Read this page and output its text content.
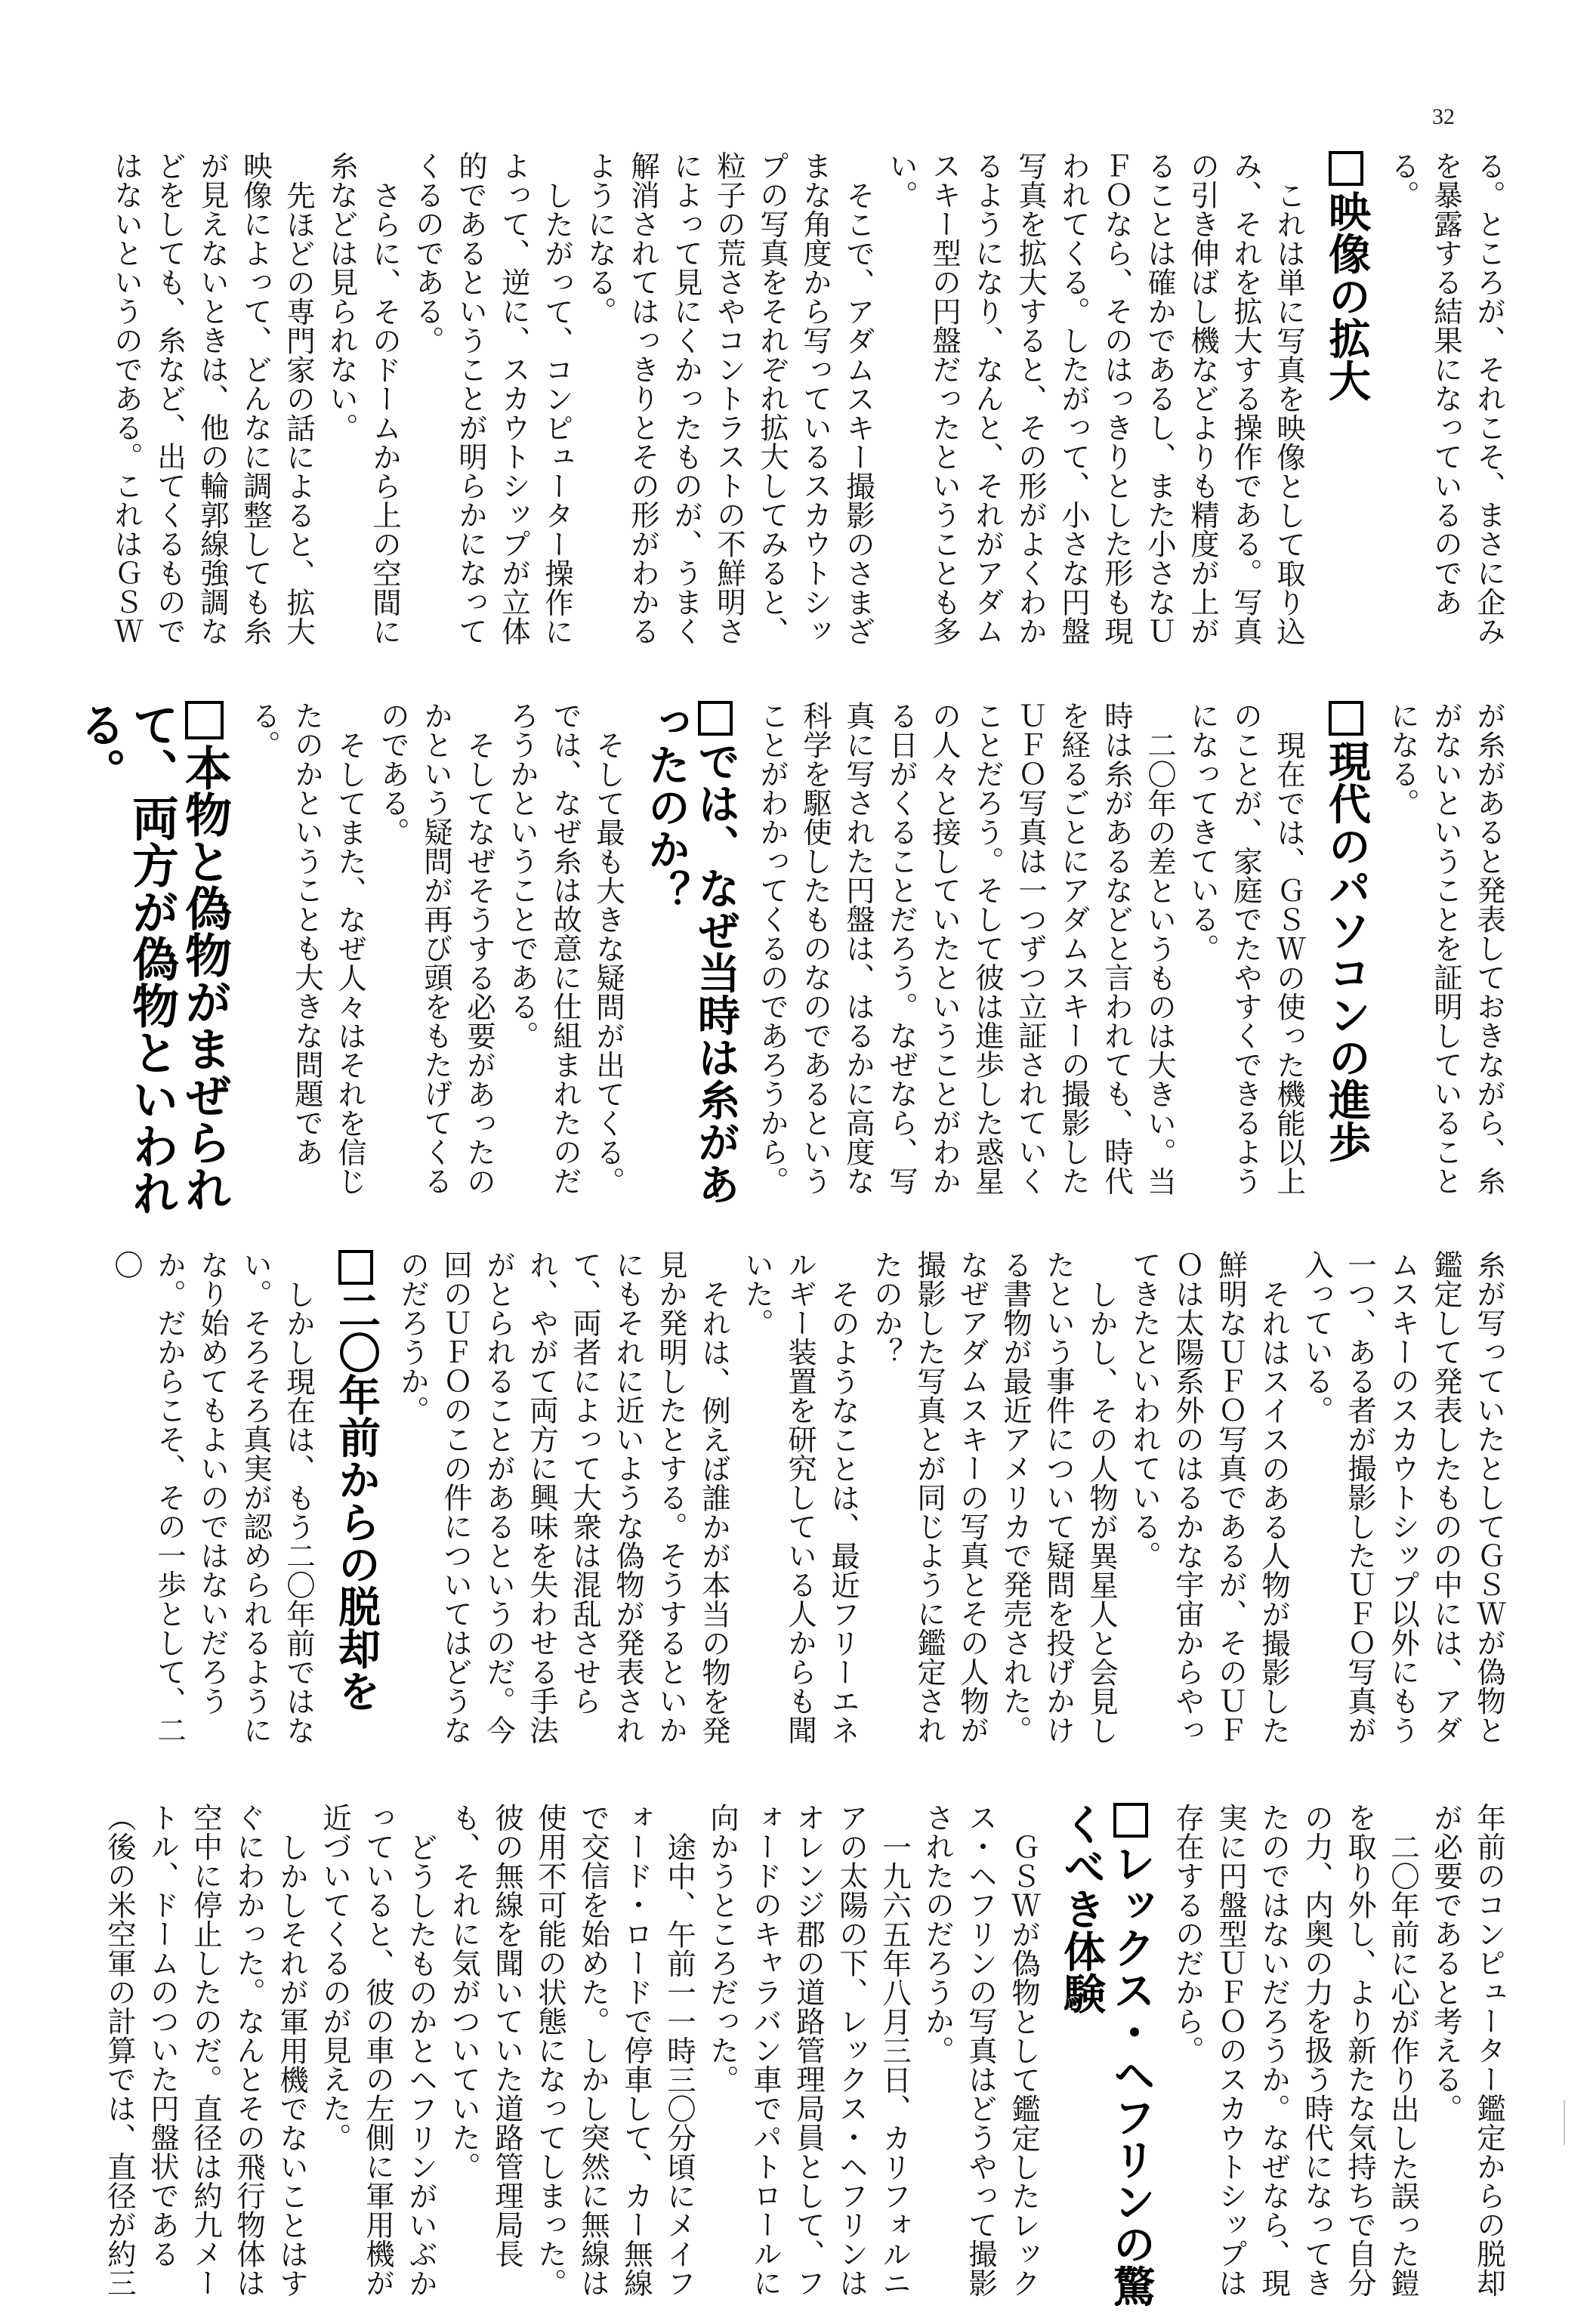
32

る。ところが、それこそ、まさに企みを暴露する結果になっているのである。

映像の拡大

これは単に写真を映像として取り込み、それを拡大する操作である。写真の引き伸ばし機などよりも精度が上がることは確かであるし、また小さなＵＦＯなら、そのはっきりとした形も現われてくる。したがって、小さな円盤写真を拡大すると、その形がよくわかるようになり、なんと、それがアダムスキー型の円盤だったということも多い。

そこで、アダムスキー撮影のさまざまな角度から写っているスカウトシップの写真をそれぞれ拡大してみると、粒子の荒さやコントラストの不鮮明さによって見にくかったものが、うまく解消されてはっきりとその形がわかるようになる。

したがって、コンピューター操作によって、逆に、スカウトシップが立体的であるということが明らかになってくるのである。

さらに、そのドームから上の空間に糸などは見られない。

先ほどの専門家の話によると、拡大映像によって、どんなに調整しても糸が見えないときは、他の輪郭線強調などをしても、糸など、出てくるものではないというのである。これはＧＳＷ

が糸があると発表しておきながら、糸がないということを証明していることになる。

現代のパソコンの進歩

現在では、ＧＳＷの使った機能以上のことが、家庭でたやすくできるようになってきている。

二〇年の差というものは大きい。当時は糸があるなどと言われても、時代を経るごとにアダムスキーの撮影したＵＦＯ写真は一つずつ立証されていくことだろう。そして彼は進歩した惑星の人々と接していたということがわかる日がくることだろう。なぜなら、写真に写された円盤は、はるかに高度な科学を駆使したものなのであるということがわかってくるのであろうから。

では、なぜ当時は糸があったのか？

そして最も大きな疑問が出てくる。では、なぜ糸は故意に仕組まれたのだろうかということである。

そしてなぜそうする必要があったのかという疑問が再び頭をもたげてくるのである。

そしてまた、なぜ人々はそれを信じたのかということも大きな問題である。

本物と偽物がまぜられて、両方が偽物といわれる。

糸が写っていたとしてＧＳＷが偽物と鑑定して発表したものの中には、アダムスキーのスカウトシップ以外にもう一つ、ある者が撮影したＵＦＯ写真が入っている。

それはスイスのある人物が撮影した鮮明なＵＦＯ写真であるが、そのＵＦＯは太陽系外のはるかな宇宙からやってきたといわれている。

しかし、その人物が異星人と会見したという事件について疑問を投げかける書物が最近アメリカで発売された。なぜアダムスキーの写真とその人物が撮影した写真とが同じように鑑定されたのか？

そのようなことは、最近フリーエネルギー装置を研究している人からも聞いた。

それは、例えば誰かが本当の物を発見か発明したとする。そうするといかにもそれに近いような偽物が発表されて、両者によって大衆は混乱させられ、やがて両方に興味を失わせる手法がとられることがあるというのだ。今回のＵＦＯのこの件についてはどうなのだろうか。

二〇年前からの脱却を

しかし現在は、もう二〇年前ではない。そろそろ真実が認められるようになり始めてもよいのではないだろうか。だからこそ、その一歩として、二〇

年前のコンピューター鑑定からの脱却が必要であると考える。

二〇年前に心が作り出した誤った鎧を取り外し、より新たな気持ちで自分の力、内奥の力を扱う時代になってきたのではないだろうか。なぜなら、現実に円盤型ＵＦＯのスカウトシップは存在するのだから。

レックス・ヘフリンの驚くべき体験

ＧＳＷが偽物として鑑定したレックス・ヘフリンの写真はどうやって撮影されたのだろうか。

一九六五年八月三日、カリフォルニアの太陽の下、レックス・ヘフリンはオレンジ郡の道路管理局員として、フォードのキャラバン車でパトロールに向かうところだった。

途中、午前一一時三〇分頃にメイフォード・ロードで停車して、カー無線で交信を始めた。しかし突然に無線は使用不可能の状態になってしまった。彼の無線を聞いていた道路管理局長も、それに気がついていた。

どうしたものかとヘフリンがいぶかっていると、彼の車の左側に軍用機が近づいてくるのが見えた。

しかしそれが軍用機でないことはすぐにわかった。なんとその飛行物体は空中に停止したのだ。直径は約九メートル、ドームのついた円盤状である（後の米空軍の計算では、直径が約三
